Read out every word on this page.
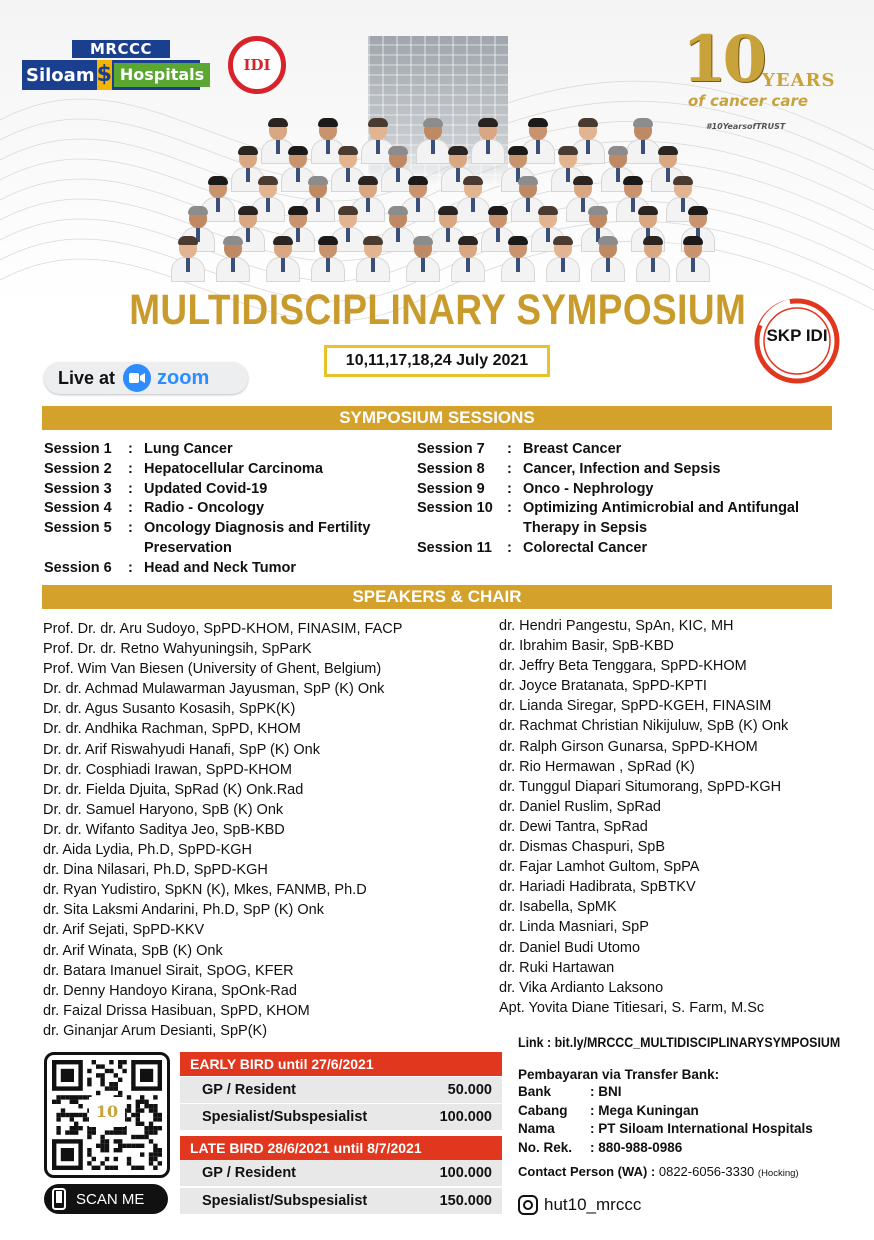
MRCCC
Siloam $ Hospitals	IDI	10
YEARS
of cancer care
#10YearsofTRUST
MULTIDISCIPLINARY SYMPOSIUM
10,11,17,18,24 July 2021
SKP IDI
Live at zoom
SYMPOSIUM SESSIONS
Session 1	: Lung Cancer
Session 2	: Hepatocellular Carcinoma
Session 3	: Updated Covid-19
Session 4	: Radio - Oncology
Session 5	: Oncology Diagnosis and Fertility Preservation
Session 6	: Head and Neck Tumor
Session 7	: Breast Cancer
Session 8	: Cancer, Infection and Sepsis
Session 9	: Onco - Nephrology
Session 10 : Optimizing Antimicrobial and Antifungal Therapy in Sepsis
Session 11	: Colorectal Cancer
SPEAKERS & CHAIR
Prof. Dr. dr. Aru Sudoyo, SpPD-KHOM, FINASIM, FACP
Prof. Dr. dr. Retno Wahyuningsih, SpParK
Prof. Wim Van Biesen (University of Ghent, Belgium)
Dr. dr. Achmad Mulawarman Jayusman, SpP (K) Onk
Dr. dr. Agus Susanto Kosasih, SpPK(K)
Dr. dr. Andhika Rachman, SpPD, KHOM
Dr. dr. Arif Riswahyudi Hanafi, SpP (K) Onk
Dr. dr. Cosphiadi Irawan, SpPD-KHOM
Dr. dr. Fielda Djuita, SpRad (K) Onk.Rad
Dr. dr. Samuel Haryono, SpB (K) Onk
Dr. dr. Wifanto Saditya Jeo, SpB-KBD
dr. Aida Lydia, Ph.D, SpPD-KGH
dr. Dina Nilasari, Ph.D, SpPD-KGH
dr. Ryan Yudistiro, SpKN (K), Mkes, FANMB, Ph.D
dr. Sita Laksmi Andarini, Ph.D, SpP (K) Onk
dr. Arif Sejati, SpPD-KKV
dr. Arif Winata, SpB (K) Onk
dr. Batara Imanuel Sirait, SpOG, KFER
dr. Denny Handoyo Kirana, SpOnk-Rad
dr. Faizal Drissa Hasibuan, SpPD, KHOM
dr. Ginanjar Arum Desianti, SpP(K)
dr. Hendri Pangestu, SpAn, KIC, MH
dr. Ibrahim Basir, SpB-KBD
dr. Jeffry Beta Tenggara, SpPD-KHOM
dr. Joyce Bratanata, SpPD-KPTI
dr. Lianda Siregar, SpPD-KGEH, FINASIM
dr. Rachmat Christian Nikijuluw, SpB (K) Onk
dr. Ralph Girson Gunarsa, SpPD-KHOM
dr. Rio Hermawan , SpRad (K)
dr. Tunggul Diapari Situmorang, SpPD-KGH
dr. Daniel Ruslim, SpRad
dr. Dewi Tantra, SpRad
dr. Dismas Chaspuri, SpB
dr. Fajar Lamhot Gultom, SpPA
dr. Hariadi Hadibrata, SpBTKV
dr. Isabella, SpMK
dr. Linda Masniari, SpP
dr. Daniel Budi Utomo
dr. Ruki Hartawan
dr. Vika Ardianto Laksono
Apt. Yovita Diane Titiesari, S. Farm, M.Sc
10
SCAN ME
EARLY BIRD until 27/6/2021
GP / Resident	50.000
Spesialist/Subspesialist	100.000
LATE BIRD 28/6/2021 until 8/7/2021
GP / Resident	100.000
Spesialist/Subspesialist	150.000
Link : bit.ly/MRCCC_MULTIDISCIPLINARYSYMPOSIUM
Pembayaran via Transfer Bank:
Bank	: BNI
Cabang	: Mega Kuningan
Nama	: PT Siloam International Hospitals
No. Rek.	: 880-988-0986
Contact Person (WA) : 0822-6056-3330 (Hocking)
hut10_mrccc
